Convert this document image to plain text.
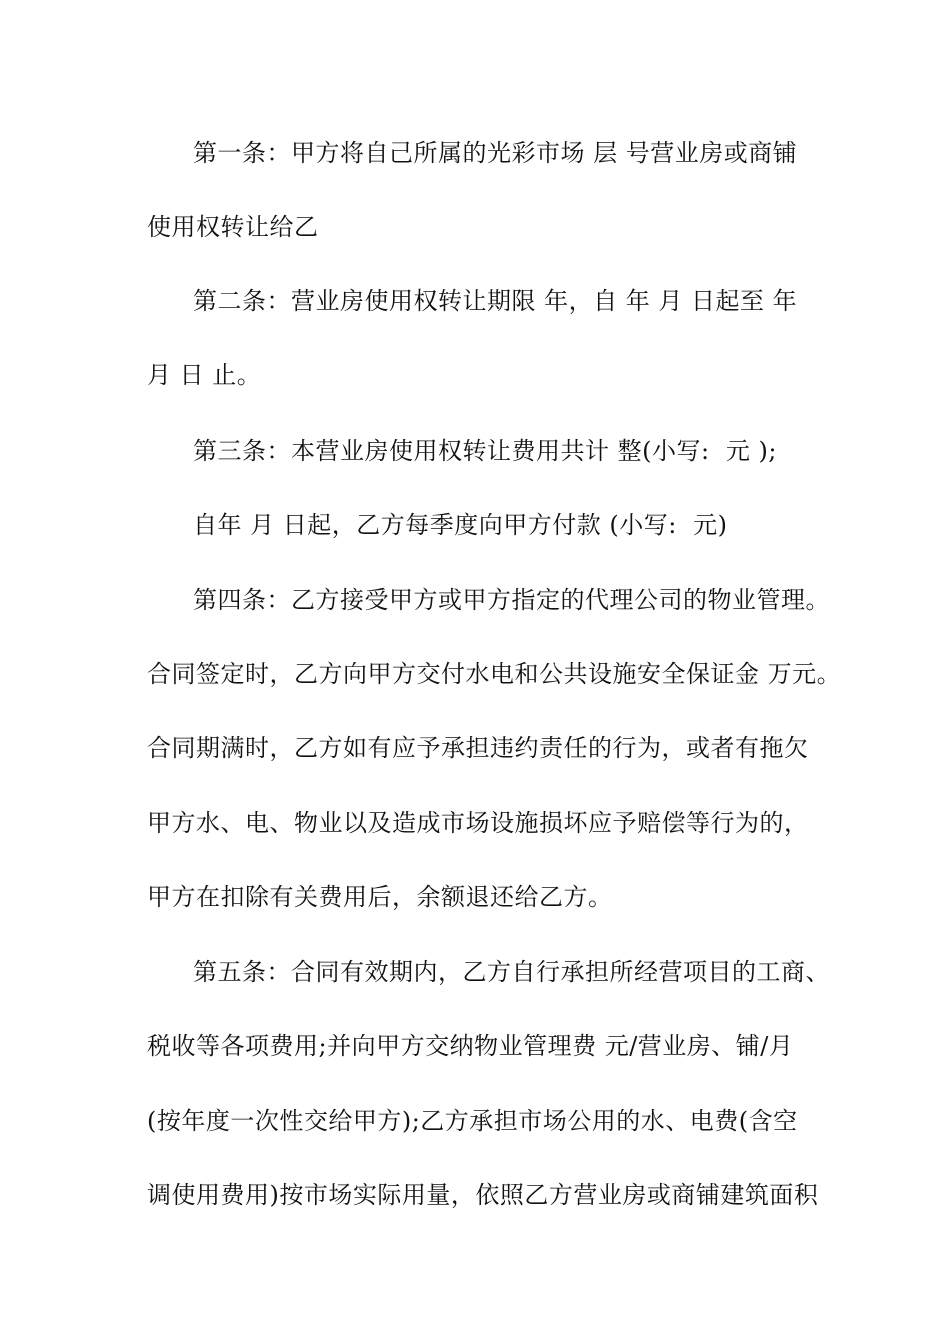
第一条：甲方将自己所属的光彩市场 层 号营业房或商铺
使用权转让给乙
第二条：营业房使用权转让期限 年，自 年 月 日起至 年
月 日 止。
第三条：本营业房使用权转让费用共计 整(小写:  元 );
自年 月 日起，乙方每季度向甲方付款 (小写:  元)
第四条：乙方接受甲方或甲方指定的代理公司的物业管理。
合同签定时，乙方向甲方交付水电和公共设施安全保证金 万元。
合同期满时，乙方如有应予承担违约责任的行为，或者有拖欠
甲方水、电、物业以及造成市场设施损坏应予赔偿等行为的，
甲方在扣除有关费用后，余额退还给乙方。
第五条：合同有效期内，乙方自行承担所经营项目的工商、
税收等各项费用;并向甲方交纳物业管理费 元/营业房、铺/月
(按年度一次性交给甲方);乙方承担市场公用的水、电费(含空
调使用费用)按市场实际用量，依照乙方营业房或商铺建筑面积
